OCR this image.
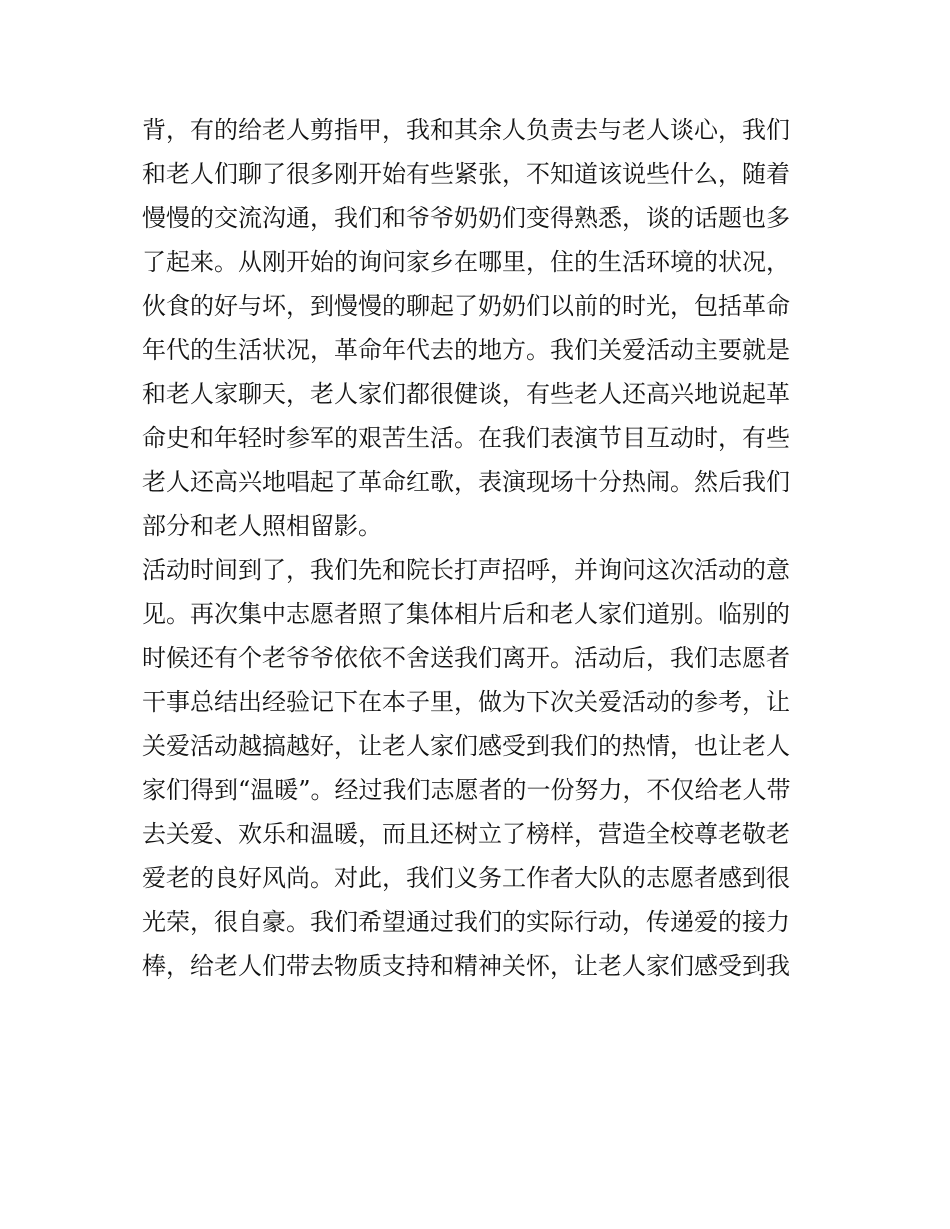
背，有的给老人剪指甲，我和其余人负责去与老人谈心，我们
和老人们聊了很多刚开始有些紧张，不知道该说些什么，随着
慢慢的交流沟通，我们和爷爷奶奶们变得熟悉，谈的话题也多
了起来。从刚开始的询问家乡在哪里，住的生活环境的状况，
伙食的好与坏，到慢慢的聊起了奶奶们以前的时光，包括革命
年代的生活状况，革命年代去的地方。我们关爱活动主要就是
和老人家聊天，老人家们都很健谈，有些老人还高兴地说起革
命史和年轻时参军的艰苦生活。在我们表演节目互动时，有些
老人还高兴地唱起了革命红歌，表演现场十分热闹。然后我们
部分和老人照相留影。
活动时间到了，我们先和院长打声招呼，并询问这次活动的意
见。再次集中志愿者照了集体相片后和老人家们道别。临别的
时候还有个老爷爷依依不舍送我们离开。活动后，我们志愿者
干事总结出经验记下在本子里，做为下次关爱活动的参考，让
关爱活动越搞越好，让老人家们感受到我们的热情，也让老人
家们得到“温暖”。经过我们志愿者的一份努力，不仅给老人带
去关爱、欢乐和温暖，而且还树立了榜样，营造全校尊老敬老
爱老的良好风尚。对此，我们义务工作者大队的志愿者感到很
光荣，很自豪。我们希望通过我们的实际行动，传递爱的接力
棒，给老人们带去物质支持和精神关怀，让老人家们感受到我
